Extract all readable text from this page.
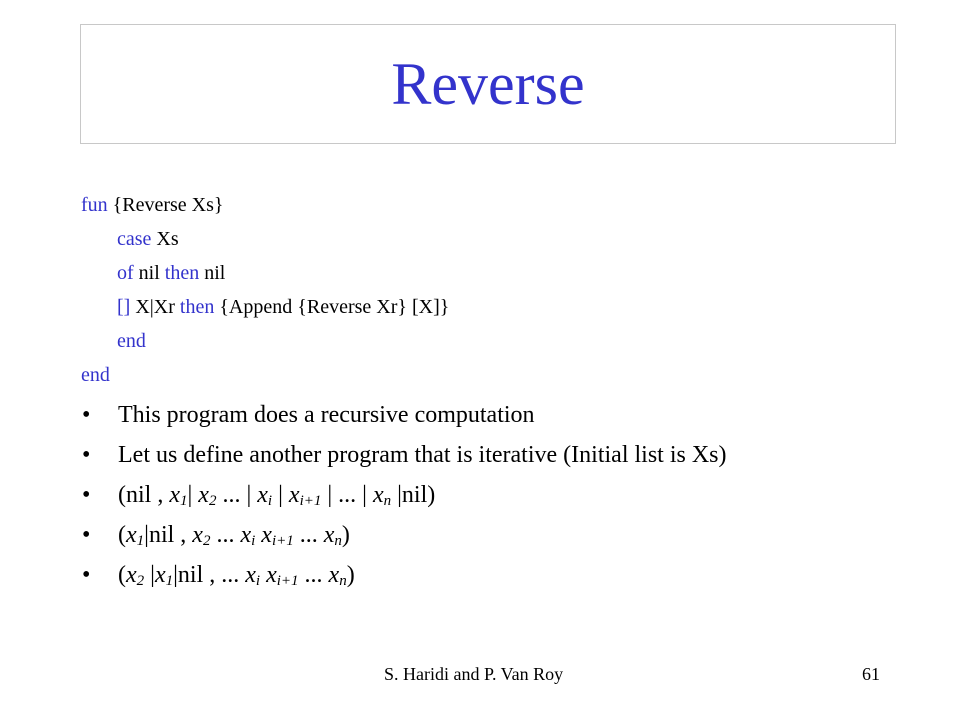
Reverse
fun {Reverse Xs}
case Xs
of nil then nil
[] X|Xr then {Append {Reverse Xr} [X]}
end
end
• This program does a recursive computation
• Let us define another program that is iterative (Initial list is Xs)
• (nil , $x_1|$ $x_2$ ... | $x_i$ | $x_{i+1}$ | ... | $x_n$ |nil)
• ($x_1|nil$ , $x_2$ ... $x_i$ $x_{i+1}$ ... $x_n$)
• ($x_2$ $|x_1|nil$ , ... $x_i$ $x_{i+1}$ ... $x_n$)
S. Haridi and P. Van Roy	61
